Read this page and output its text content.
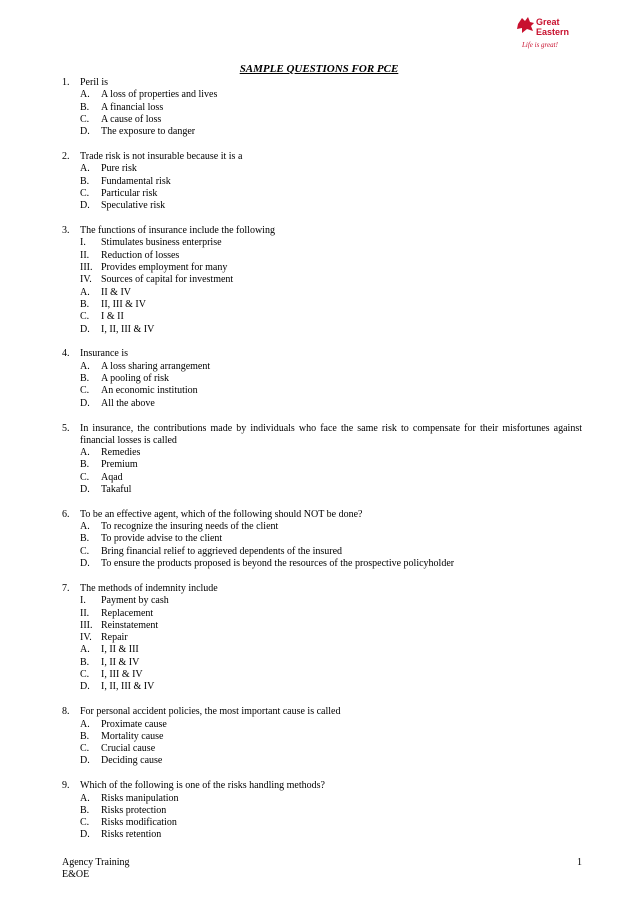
Great
Eastern
Life is great!
SAMPLE QUESTIONS FOR PCE
1.	Peril is
A.	A loss of properties and lives
B.	A financial loss
C.	A cause of loss
D.	The exposure to danger
2.	Trade risk is not insurable because it is a
A.	Pure risk
B.	Fundamental risk
C.	Particular risk
D.	Speculative risk
3.	The functions of insurance include the following
I.	Stimulates business enterprise
II.	Reduction of losses
III. Provides employment for many
IV. Sources of capital for investment
A.	II & IV
B.	II, III & IV
C.	I & II
D.	I, II, III & IV
4.	Insurance is
A.	A loss sharing arrangement
B.	A pooling of risk
C.	An economic institution
D.	All the above
5.	In insurance, the contributions made by individuals who face the same risk to compensate for their misfortunes against financial losses is called
A.	Remedies
B.	Premium
C.	Aqad
D.	Takaful
6.	To be an effective agent, which of the following should NOT be done?
A.	To recognize the insuring needs of the client
B.	To provide advise to the client
C.	Bring financial relief to aggrieved dependents of the insured
D.	To ensure the products proposed is beyond the resources of the prospective policyholder
7.	The methods of indemnity include
I.	Payment by cash
II.	Replacement
III. Reinstatement
IV. Repair
A.	I, II & III
B.	I, II & IV
C.	I, III & IV
D.	I, II, III & IV
8.	For personal accident policies, the most important cause is called
A.	Proximate cause
B.	Mortality cause
C.	Crucial cause
D.	Deciding cause
9.	Which of the following is one of the risks handling methods?
A.	Risks manipulation
B.	Risks protection
C.	Risks modification
D.	Risks retention
Agency Training	1
E&OE
